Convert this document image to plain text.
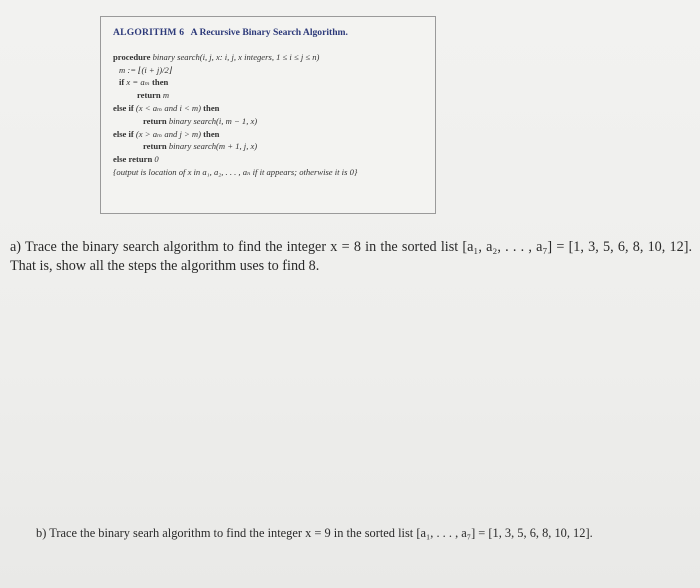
ALGORITHM 6 A Recursive Binary Search Algorithm.
procedure binary search(i, j, x: i, j, x integers, 1 ≤ i ≤ j ≤ n)
m := ⌊(i + j)/2⌋
if x = aₘ then
return m
else if (x < aₘ and i < m) then
return binary search(i, m − 1, x)
else if (x > aₘ and j > m) then
return binary search(m + 1, j, x)
else return 0
{output is location of x in a₁, a₂, . . . , aₙ if it appears; otherwise it is 0}
a) Trace the binary search algorithm to find the integer x = 8 in the sorted list [a₁, a₂, . . . , a₇] = [1, 3, 5, 6, 8, 10, 12]. That is, show all the steps the algorithm uses to find 8.
b) Trace the binary searh algorithm to find the integer x = 9 in the sorted list [a₁, . . . , a₇] = [1, 3, 5, 6, 8, 10, 12].
